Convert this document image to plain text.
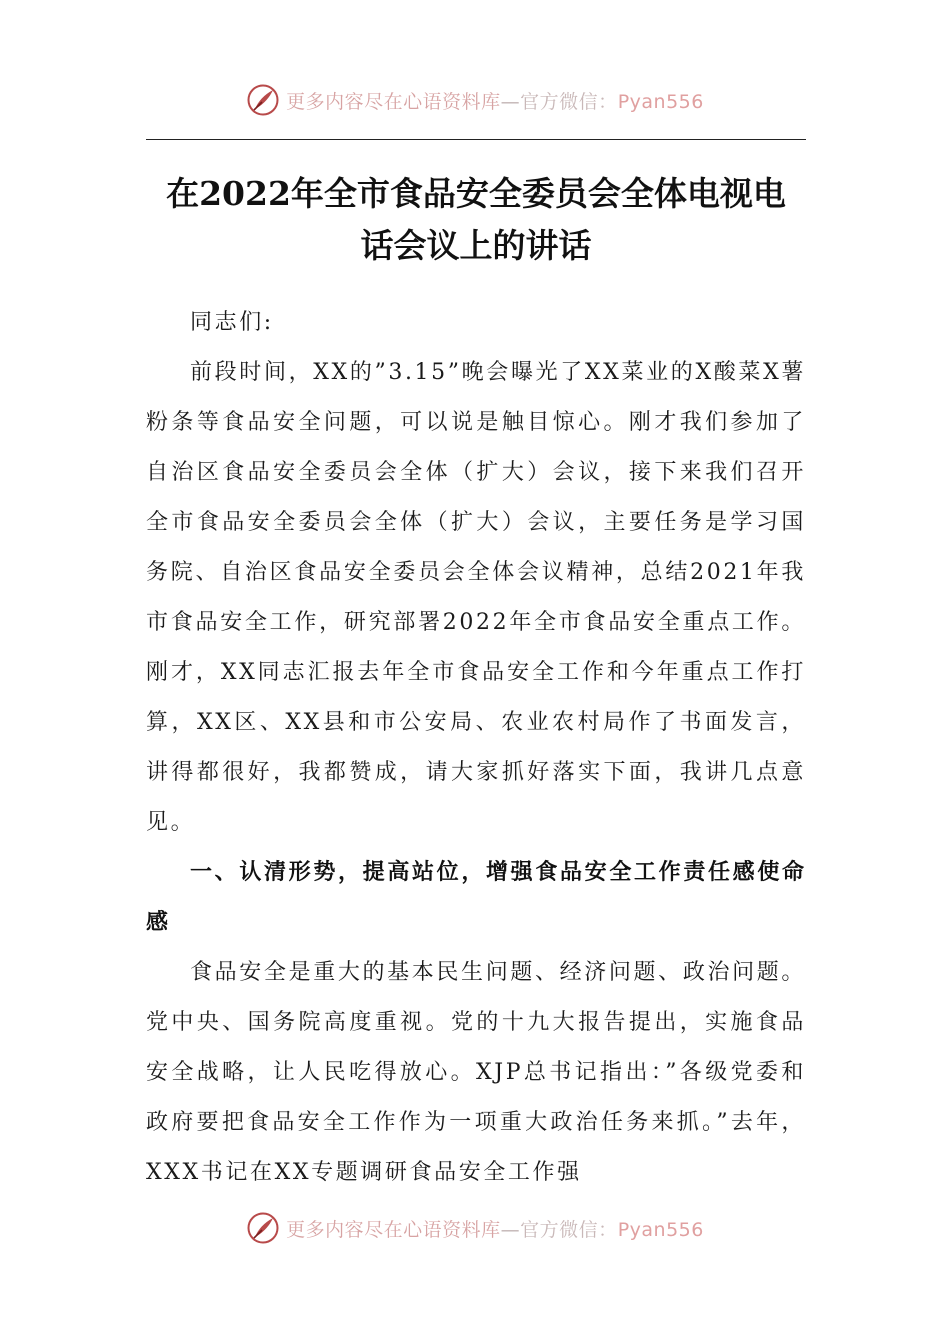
更多内容尽在心语资料库—官方微信：Pyan556
在2022年全市食品安全委员会全体电视电
话会议上的讲话

同志们:

前段时间，XX的”3.15”晚会曝光了XX菜业的X酸菜X薯粉条等食品安全问题，可以说是触目惊心。刚才我们参加了自治区食品安全委员会全体（扩大）会议，接下来我们召开全市食品安全委员会全体（扩大）会议，主要任务是学习国务院、自治区食品安全委员会全体会议精神，总结2021年我市食品安全工作，研究部署2022年全市食品安全重点工作。刚才，XX同志汇报去年全市食品安全工作和今年重点工作打算，XX区、XX县和市公安局、农业农村局作了书面发言，讲得都很好，我都赞成，请大家抓好落实下面，我讲几点意见。

一、认清形势，提高站位，增强食品安全工作责任感使命感

食品安全是重大的基本民生问题、经济问题、政治问题。党中央、国务院高度重视。党的十九大报告提出，实施食品安全战略，让人民吃得放心。XJP总书记指出：”各级党委和政府要把食品安全工作作为一项重大政治任务来抓。”去年，XXX书记在XX专题调研食品安全工作强

更多内容尽在心语资料库—官方微信：Pyan556
